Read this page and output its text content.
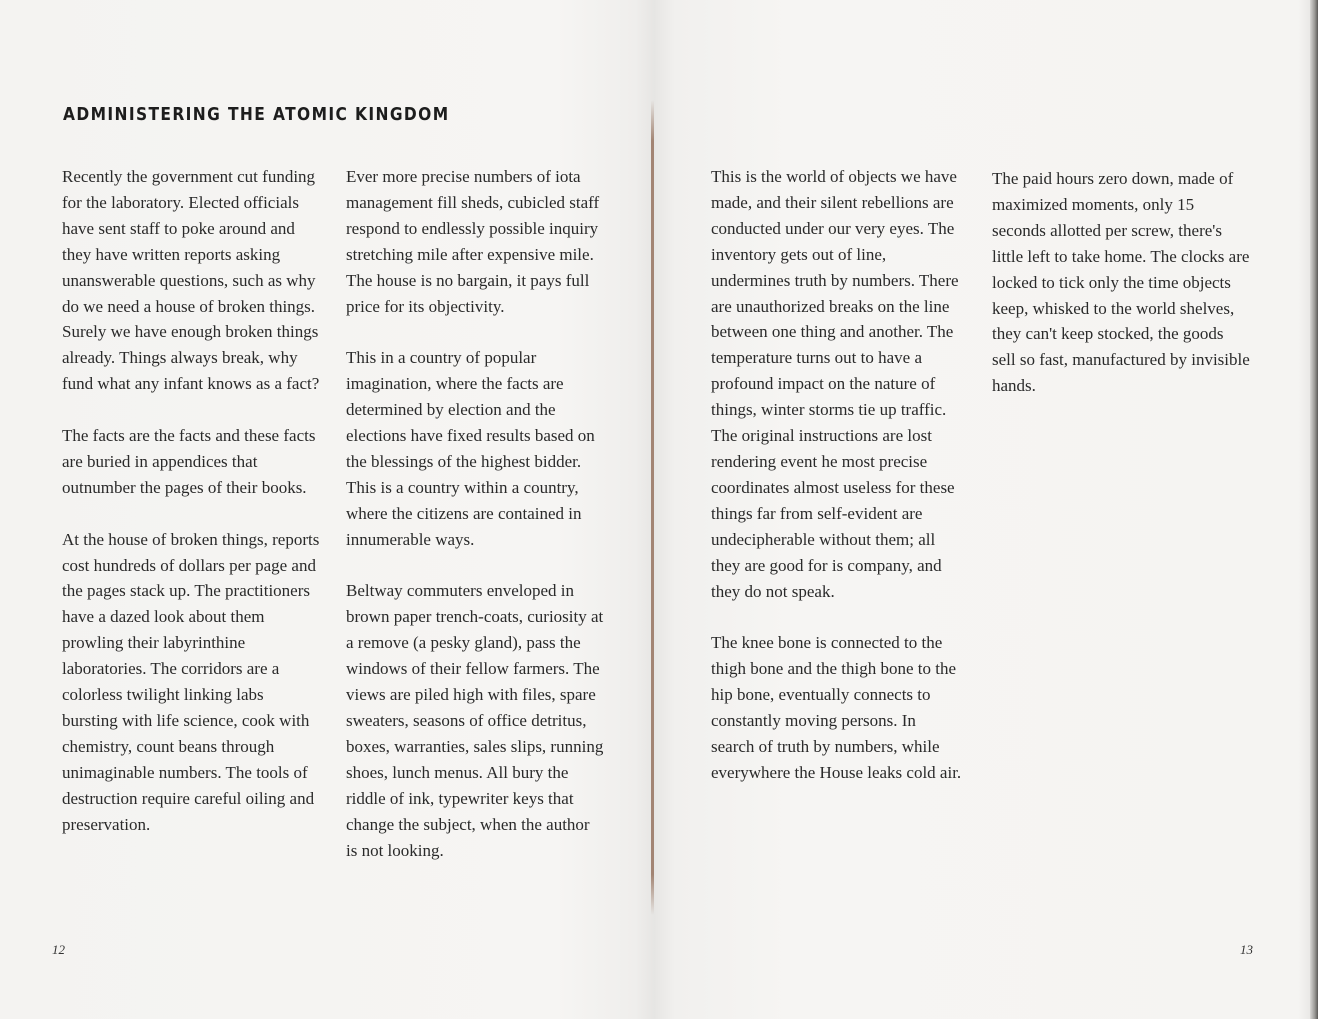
ADMINISTERING THE ATOMIC KINGDOM

Recently the government cut funding for the laboratory. Elected officials have sent staff to poke around and they have written reports asking unanswerable questions, such as why do we need a house of broken things. Surely we have enough broken things already. Things always break, why fund what any infant knows as a fact?

The facts are the facts and these facts are buried in appendices that outnumber the pages of their books.

At the house of broken things, reports cost hundreds of dollars per page and the pages stack up. The practitioners have a dazed look about them prowling their labyrinthine laboratories. The corridors are a colorless twilight linking labs bursting with life science, cook with chemistry, count beans through unimaginable numbers. The tools of destruction require careful oiling and preservation.

Ever more precise numbers of iota management fill sheds, cubicled staff respond to endlessly possible inquiry stretching mile after expensive mile. The house is no bargain, it pays full price for its objectivity.

This in a country of popular imagination, where the facts are determined by election and the elections have fixed results based on the blessings of the highest bidder. This is a country within a country, where the citizens are contained in innumerable ways.

Beltway commuters enveloped in brown paper trench-coats, curiosity at a remove (a pesky gland), pass the windows of their fellow farmers. The views are piled high with files, spare sweaters, seasons of office detritus, boxes, warranties, sales slips, running shoes, lunch menus. All bury the riddle of ink, typewriter keys that change the subject, when the author is not looking.

12

This is the world of objects we have made, and their silent rebellions are conducted under our very eyes. The inventory gets out of line, undermines truth by numbers. There are unauthorized breaks on the line between one thing and another. The temperature turns out to have a profound impact on the nature of things, winter storms tie up traffic. The original instructions are lost rendering event he most precise coordinates almost useless for these things far from self-evident are undecipherable without them; all they are good for is company, and they do not speak.

The knee bone is connected to the thigh bone and the thigh bone to the hip bone, eventually connects to constantly moving persons. In search of truth by numbers, while everywhere the House leaks cold air.

The paid hours zero down, made of maximized moments, only 15 seconds allotted per screw, there's little left to take home. The clocks are locked to tick only the time objects keep, whisked to the world shelves, they can't keep stocked, the goods sell so fast, manufactured by invisible hands.

13
